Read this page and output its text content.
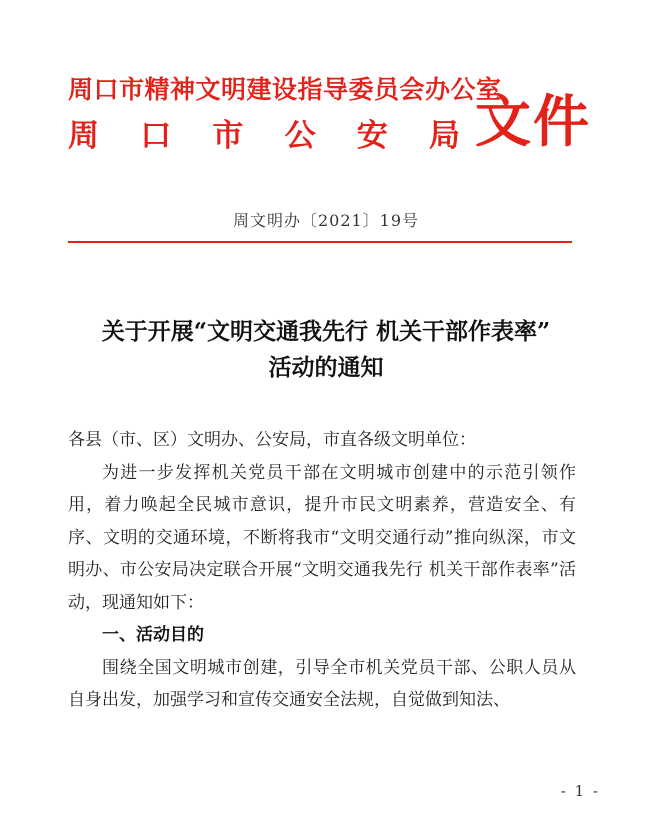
周口市精神文明建设指导委员会办公室
周 口 市 公 安 局 文件
周文明办〔2021〕19号
关于开展“文明交通我先行 机关干部作表率”
活动的通知

各县（市、区）文明办、公安局，市直各级文明单位：

为进一步发挥机关党员干部在文明城市创建中的示范引领作用，着力唤起全民城市意识，提升市民文明素养，营造安全、有序、文明的交通环境，不断将我市“文明交通行动”推向纵深，市文明办、市公安局决定联合开展“文明交通我先行 机关干部作表率”活动，现通知如下：

一、活动目的

围绕全国文明城市创建，引导全市机关党员干部、公职人员从自身出发，加强学习和宣传交通安全法规，自觉做到知法、

- 1 -
